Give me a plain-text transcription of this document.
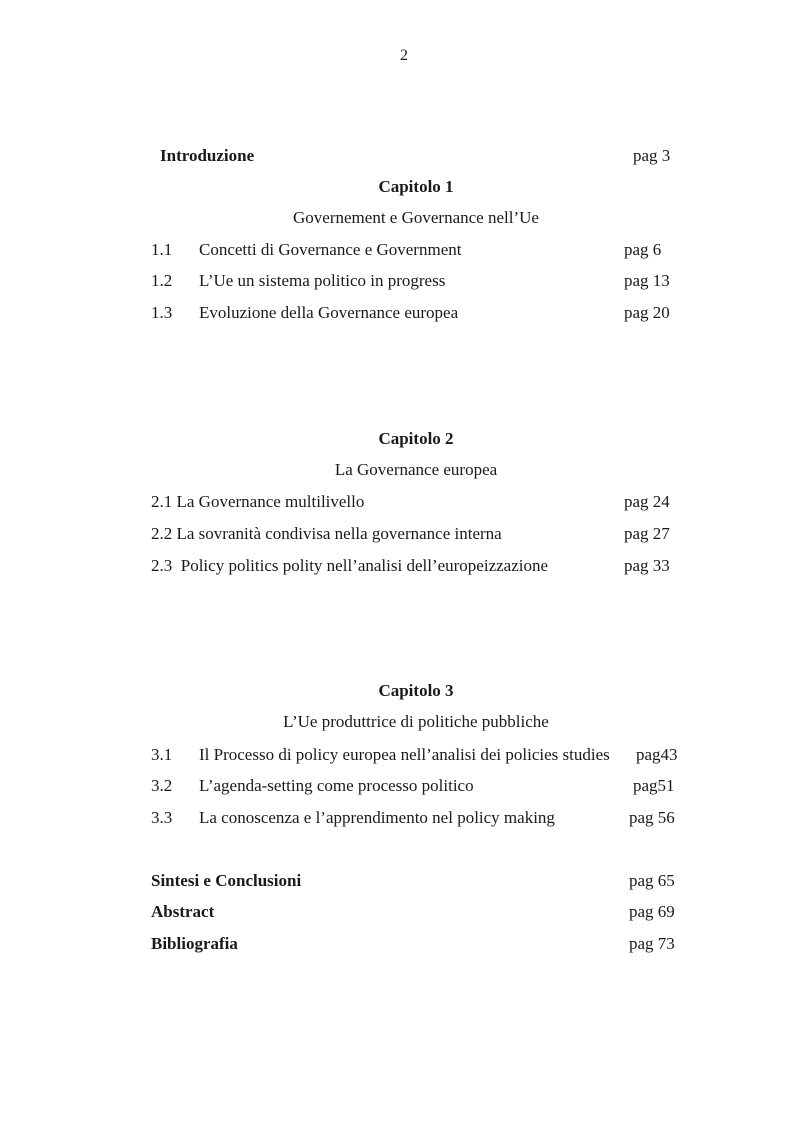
2
Introduzione	pag 3
Capitolo 1
Governement e Governance nell’Ue
1.1 Concetti di Governance e Government	pag 6
1.2 L’Ue un sistema politico in progress	pag 13
1.3 Evoluzione della Governance europea	pag 20
Capitolo 2
La Governance europea
2.1 La Governance multilivello	pag 24
2.2 La sovranità condivisa nella governance interna	pag 27
2.3  Policy politics polity nell’analisi dell’europeizzazione	pag 33
Capitolo 3
L’Ue produttrice di politiche pubbliche
3.1 Il Processo di policy europea nell’analisi dei policies studies pag43
3.2 L’agenda-setting come processo politico	pag51
3.3 La conoscenza e l’apprendimento nel policy making	pag 56
Sintesi e Conclusioni	pag 65
Abstract	pag 69
Bibliografia	pag 73
